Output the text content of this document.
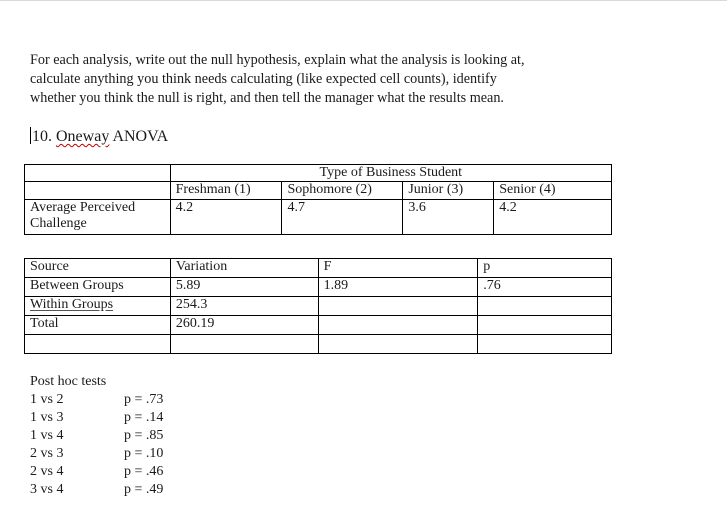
For each analysis, write out the null hypothesis, explain what the analysis is looking at,
calculate anything you think needs calculating (like expected cell counts), identify
whether you think the null is right, and then tell the manager what the results mean.
10. Oneway ANOVA
	Type of Business Student			
	Freshman (1)	Sophomore (2)	Junior (3)	Senior (4)
Average Perceived Challenge	4.2	4.7	3.6	4.2
Source	Variation	F	p
Between Groups	5.89	1.89	.76
Within Groups	254.3		
Total	260.19		

Post hoc tests
1 vs 2	p = .73
1 vs 3	p = .14
1 vs 4	p = .85
2 vs 3	p = .10
2 vs 4	p = .46
3 vs 4	p = .49
